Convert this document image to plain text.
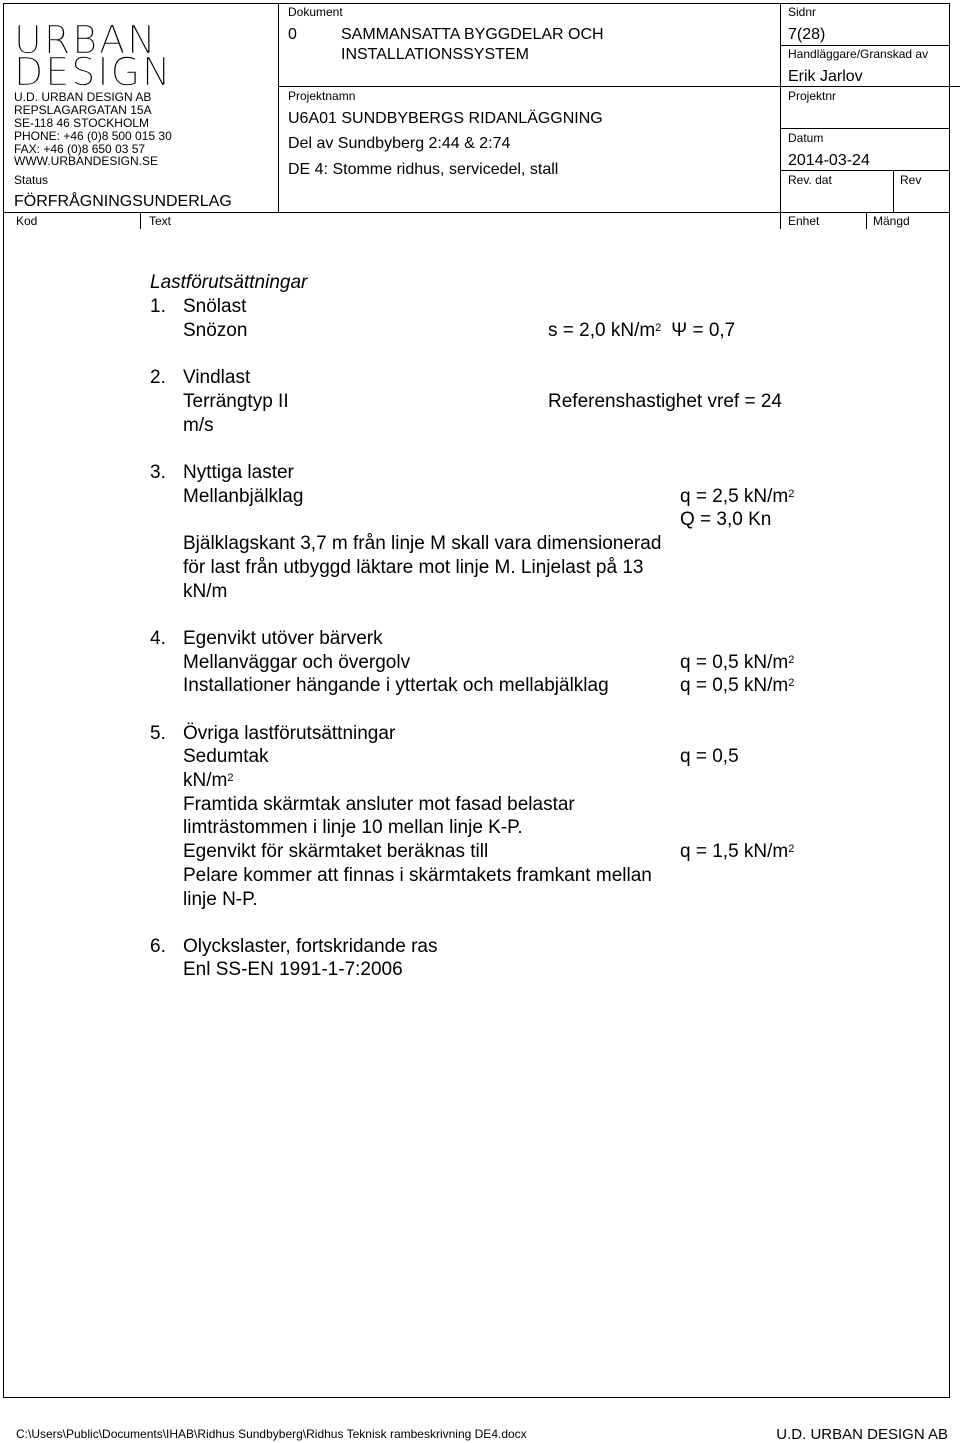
URBAN
DESIGN
U.D. URBAN DESIGN AB
REPSLAGARGATAN 15A
SE-118 46 STOCKHOLM
PHONE: +46 (0)8 500 015 30
FAX: +46 (0)8 650 03 57
WWW.URBANDESIGN.SE
Status
FÖRFRÅGNINGSUNDERLAG
Dokument
0	SAMMANSATTA BYGGDELAR OCH
INSTALLATIONSSYSTEM
Projektnamn
U6A01 SUNDBYBERGS RIDANLÄGGNING
Del av Sundbyberg 2:44 & 2:74
DE 4: Stomme ridhus, servicedel, stall
Sidnr
7(28)
Handläggare/Granskad av
Erik Jarlov
Projektnr
Datum
2014-03-24
Rev. dat	Rev
Kod	Text	Enhet	Mängd
Lastförutsättningar
1. Snölast
Snözon	s = 2,0 $kN/m^2$ Ψ = 0,7
2. Vindlast
Terrängtyp II	Referenshastighet vref = 24
m/s
3. Nyttiga laster
Mellanbjälklag	q = 2,5 $kN/m^2$
Q = 3,0 Kn
Bjälklagskant 3,7 m från linje M skall vara dimensionerad
för last från utbyggd läktare mot linje M. Linjelast på 13
kN/m
4. Egenvikt utöver bärverk
Mellanväggar och övergolv	q = 0,5 $kN/m^2$
Installationer hängande i yttertak och mellabjälklag	q = 0,5 $kN/m^2$
5. Övriga lastförutsättningar
Sedumtak	q = 0,5
$kN/m^2$
Framtida skärmtak ansluter mot fasad belastar
limträstommen i linje 10 mellan linje K-P.
Egenvikt för skärmtaket beräknas till	q = 1,5 $kN/m^2$
Pelare kommer att finnas i skärmtakets framkant mellan
linje N-P.
6. Olyckslaster, fortskridande ras
Enl SS-EN 1991-1-7:2006
C:\Users\Public\Documents\IHAB\Ridhus Sundbyberg\Ridhus Teknisk rambeskrivning DE4.docx	U.D. URBAN DESIGN AB
